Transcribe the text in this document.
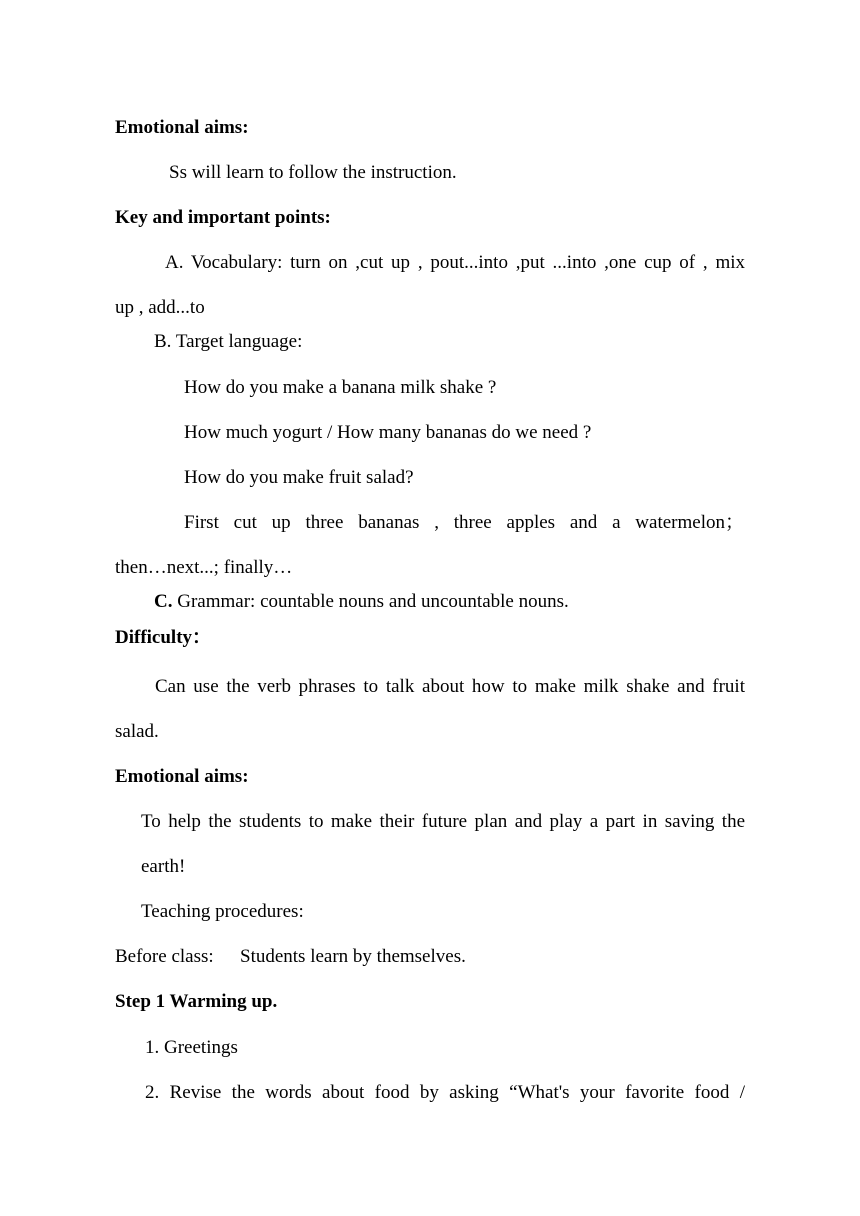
Emotional aims:
Ss will learn to follow the instruction.
Key and important points:
A. Vocabulary: turn on ,cut up , pout...into ,put ...into ,one cup of , mix
up , add...to
B. Target language:
How do you make a banana milk shake ?
How much yogurt / How many bananas do we need ?
How do you make fruit salad?
First cut up three bananas , three apples and a watermelon；
then…next...; finally…
C. Grammar: countable nouns and uncountable nouns.
Difficulty：
Can use the verb phrases to talk about how to make milk shake and fruit
salad.
Emotional aims:
To help the students to make their future plan and play a part in saving the
earth!
Teaching procedures:
Before class: Students learn by themselves.
Step 1 Warming up.
1. Greetings
2. Revise the words about food by asking “What's your favorite food /
